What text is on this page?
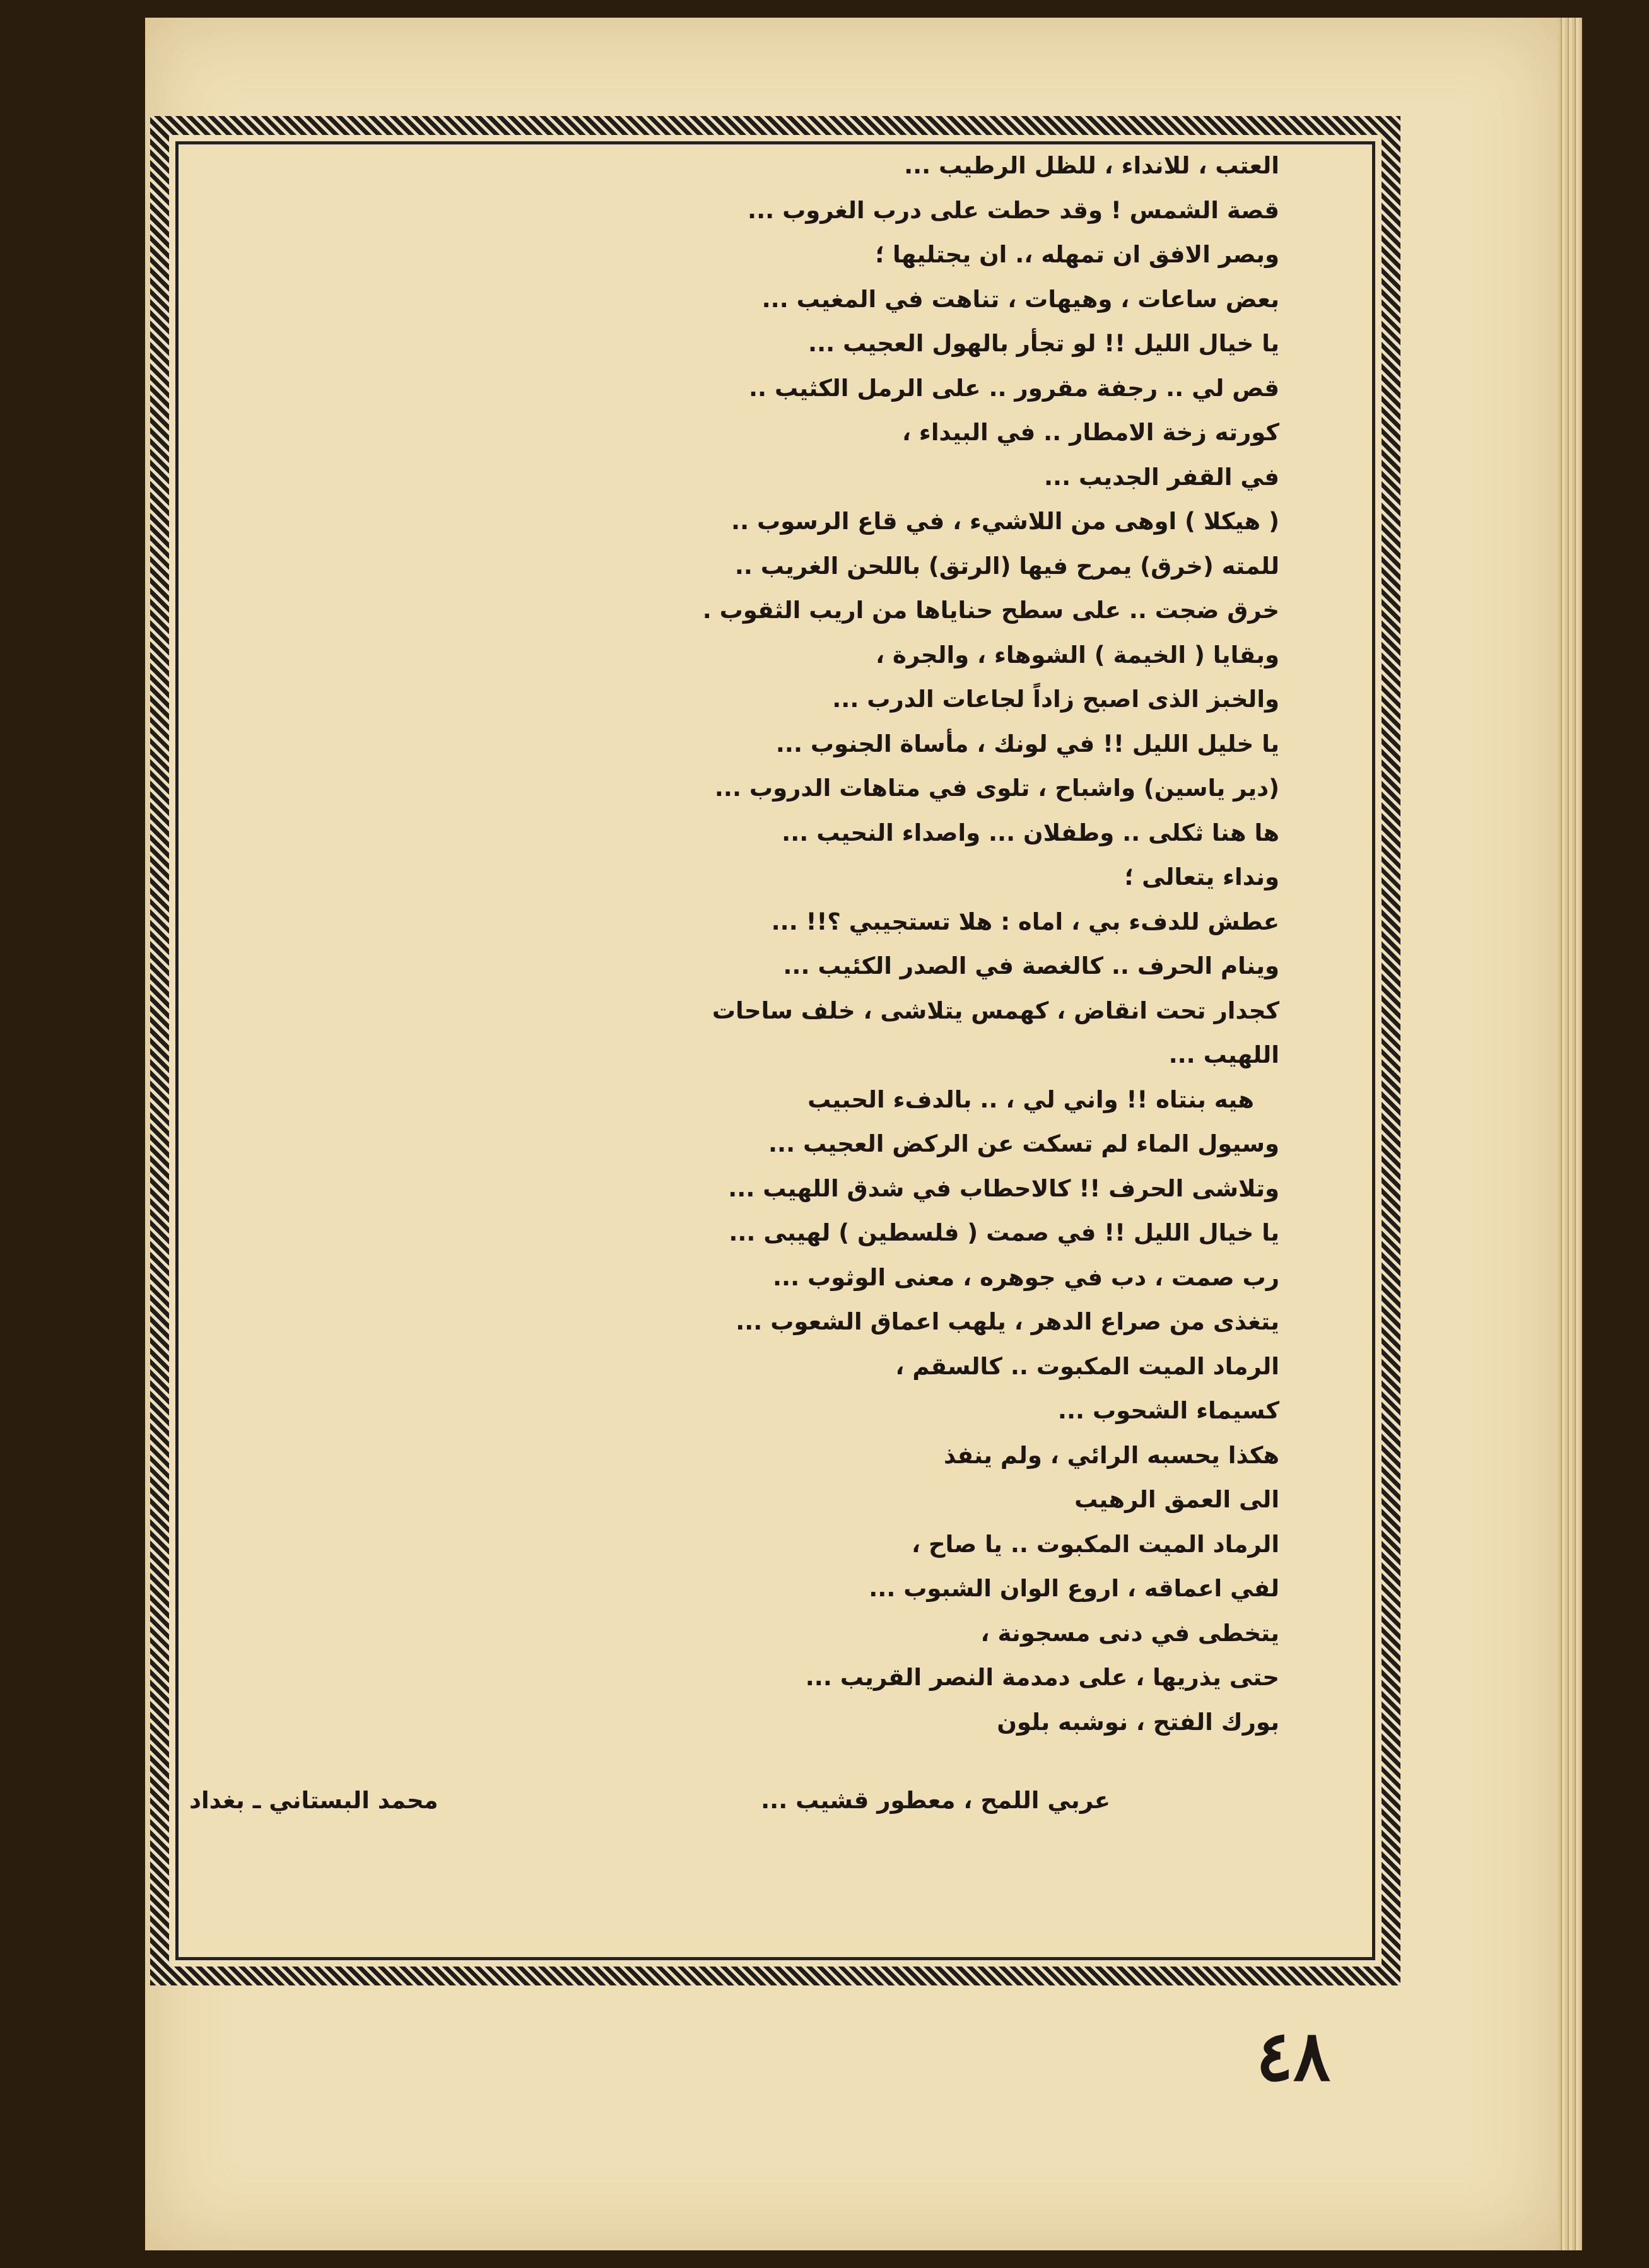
العتب ، للانداء ، للظل الرطيب ...
قصة الشمس ! وقد حطت على درب الغروب ...
وبصر الافق ان تمهله ،. ان يجتليها ؛
بعض ساعات ، وهيهات ، تناهت في المغيب ...
يا خيال الليل !! لو تجأر بالهول العجيب ...
قص لي .. رجفة مقرور .. على الرمل الكثيب ..
كورته زخة الامطار .. في البيداء ،
في القفر الجديب ...
( هيكلا ) اوهى من اللاشيء ، في قاع الرسوب ..
للمته (خرق) يمرح فيها (الرتق) باللحن الغريب ..
خرق ضجت .. على سطح حناياها من اريب الثقوب .
وبقايا ( الخيمة ) الشوهاء ، والجرة ،
والخبز الذى اصبح زاداً لجاعات الدرب ...
يا خليل الليل !! في لونك ، مأساة الجنوب ...
(دير ياسين) واشباح ، تلوى في متاهات الدروب ...
ها هنا ثكلى .. وطفلان ... واصداء النحيب ...
ونداء يتعالى ؛
عطش للدفء بي ، اماه : هلا تستجيبي ؟!! ...
وينام الحرف .. كالغصة في الصدر الكئيب ...
كجدار تحت انقاض ، كهمس يتلاشى ، خلف ساحات
اللهيب ...
هيه بنتاه !! واني لي ، .. بالدفء الحبيب
وسيول الماء لم تسكت عن الركض العجيب ...
وتلاشى الحرف !! كالاحطاب في شدق اللهيب ...
يا خيال الليل !! في صمت ( فلسطين ) لهيبى ...
رب صمت ، دب في جوهره ، معنى الوثوب ...
يتغذى من صراع الدهر ، يلهب اعماق الشعوب ...
الرماد الميت المكبوت .. كالسقم ،
كسيماء الشحوب ...
هكذا يحسبه الرائي ، ولم ينفذ
الى العمق الرهيب
الرماد الميت المكبوت .. يا صاح ،
لفي اعماقه ، اروع الوان الشبوب ...
يتخطى في دنى مسجونة ،
حتى يذريها ، على دمدمة النصر القريب ...
بورك الفتح ، نوشبه بلون
عربي اللمح ، معطور قشيب ...
محمد البستاني ـ بغداد
٤٨
